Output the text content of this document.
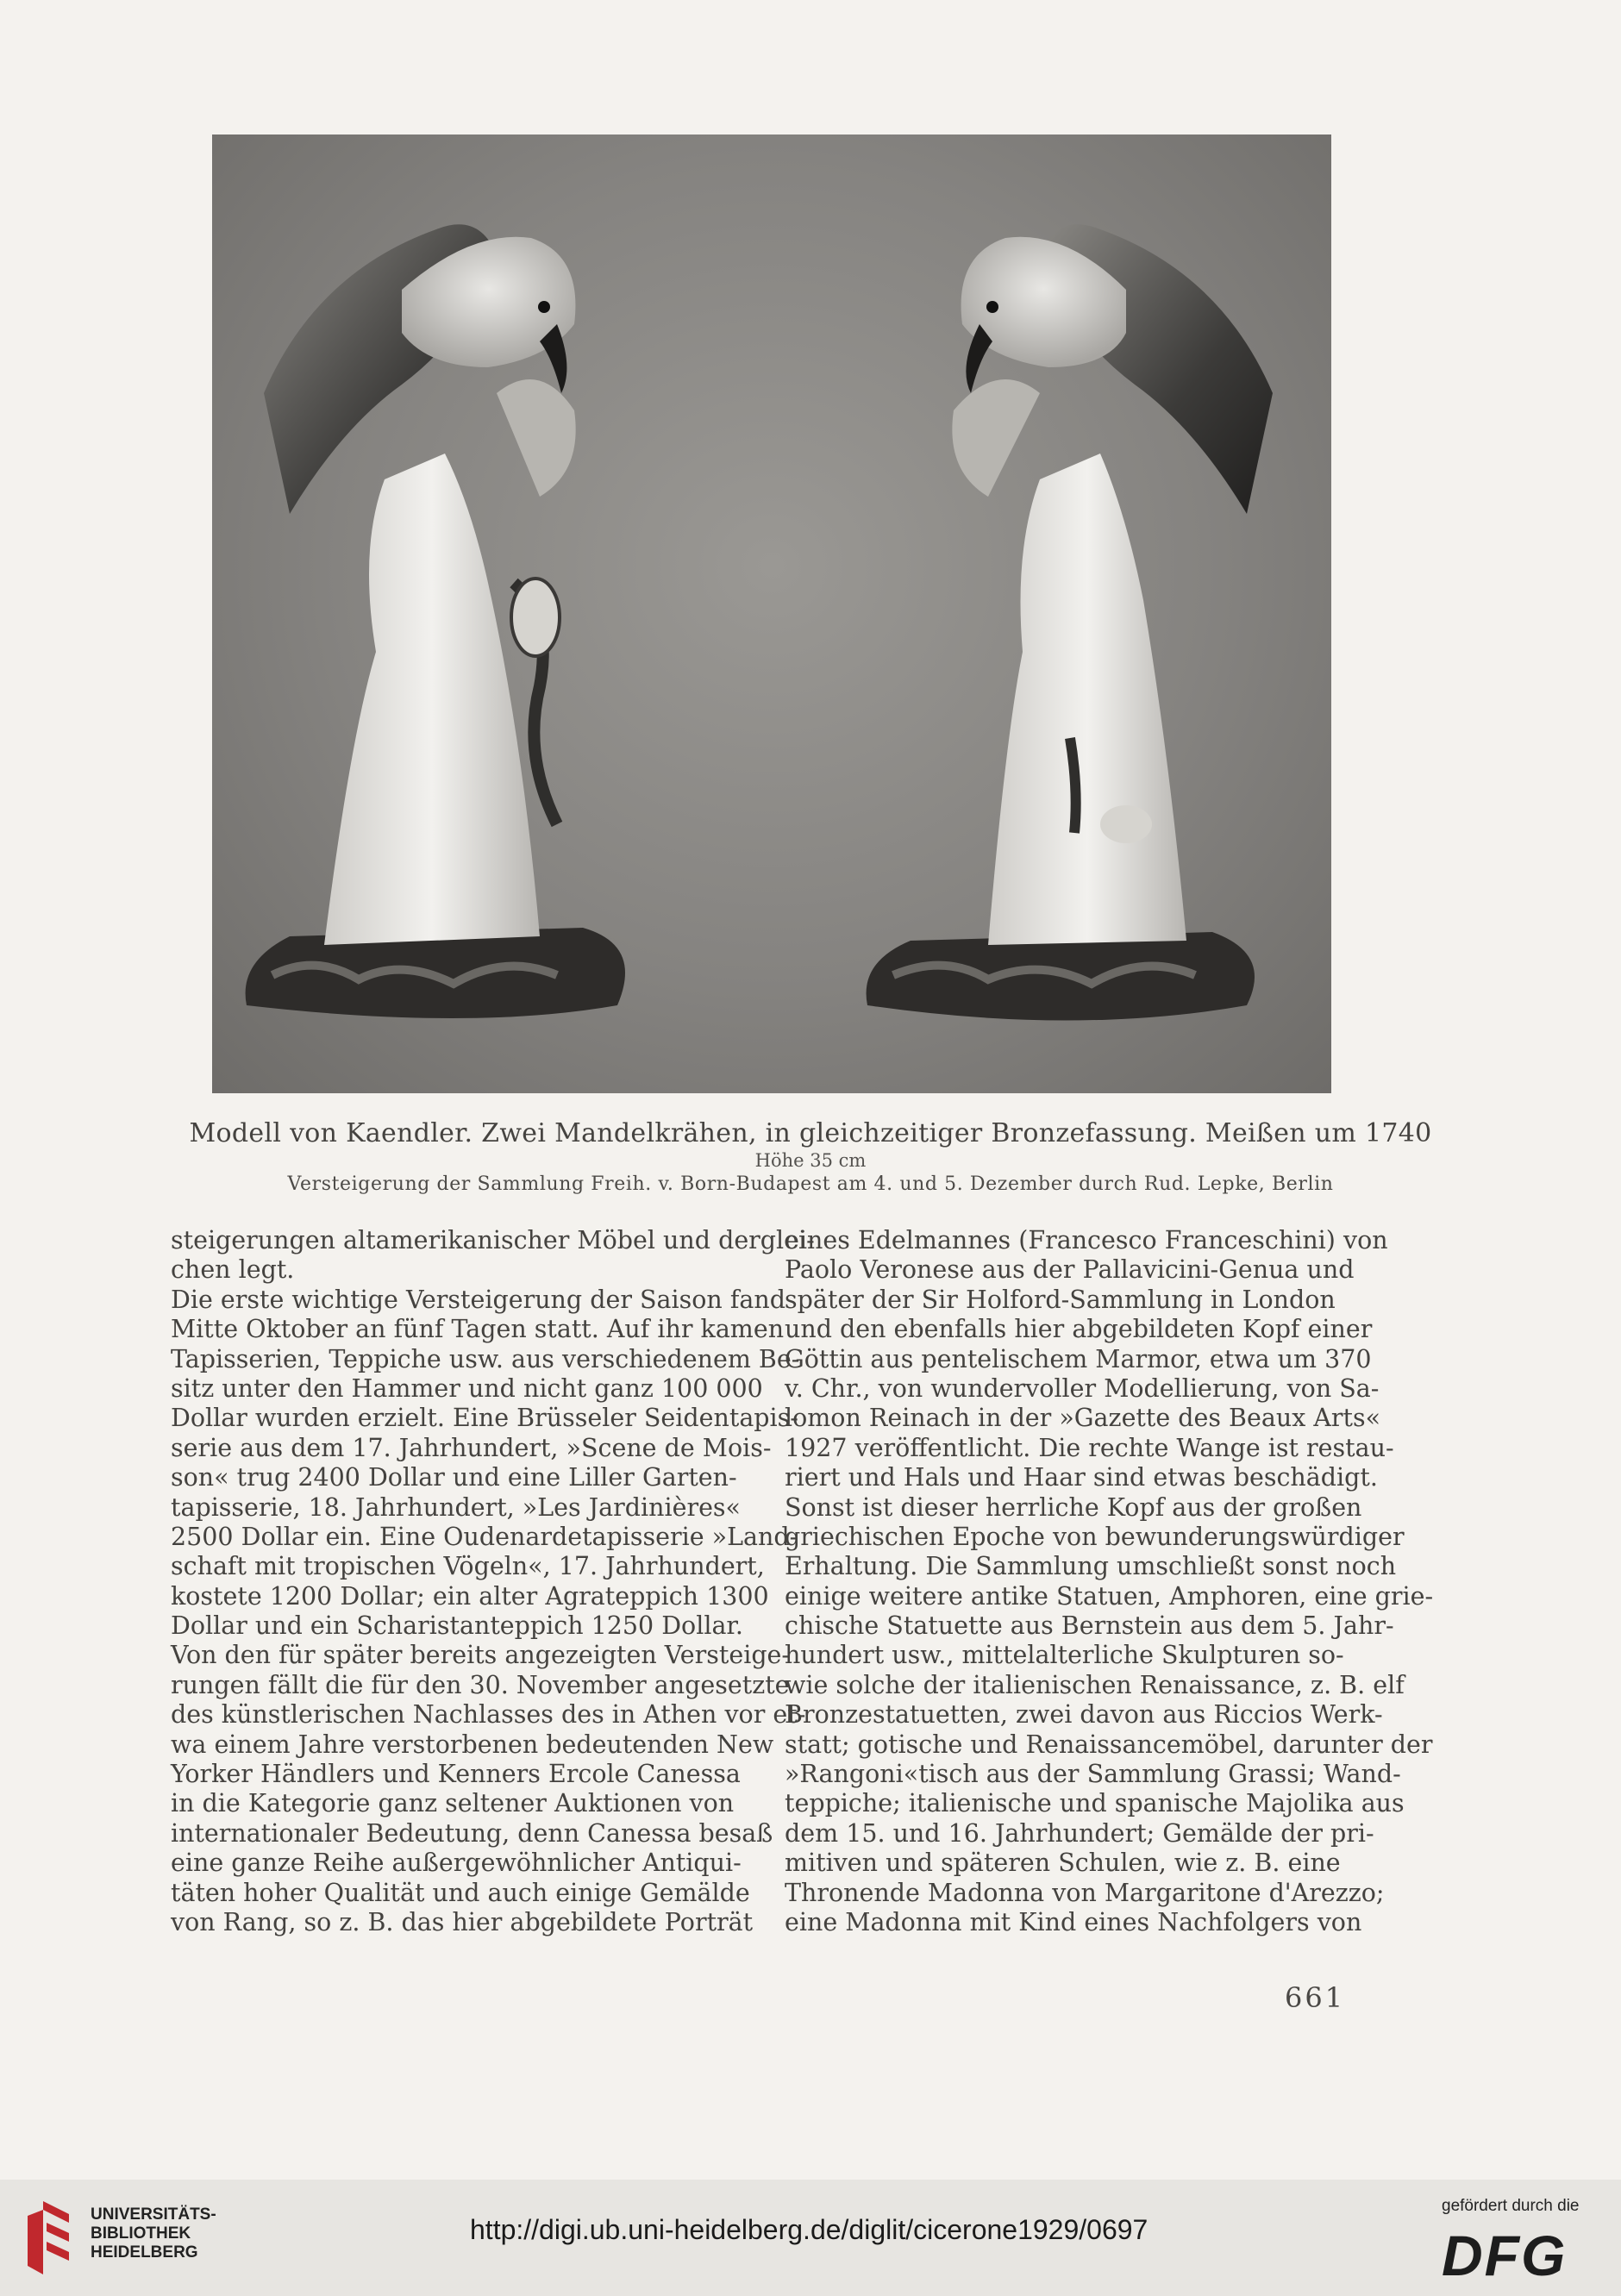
Modell von Kaendler. Zwei Mandelkrähen, in gleichzeitiger Bronzefassung. Meißen um 1740
Höhe 35 cm
Versteigerung der Sammlung Freih. v. Born-Budapest am 4. und 5. Dezember durch Rud. Lepke, Berlin
steigerungen altamerikanischer Möbel und derglei-
chen legt.
Die erste wichtige Versteigerung der Saison fand
Mitte Oktober an fünf Tagen statt. Auf ihr kamen
Tapisserien, Teppiche usw. aus verschiedenem Be-
sitz unter den Hammer und nicht ganz 100 000
Dollar wurden erzielt. Eine Brüsseler Seidentapis-
serie aus dem 17. Jahrhundert, »Scene de Mois-
son« trug 2400 Dollar und eine Liller Garten-
tapisserie, 18. Jahrhundert, »Les Jardinières«
2500 Dollar ein. Eine Oudenardetapisserie »Land-
schaft mit tropischen Vögeln«, 17. Jahrhundert,
kostete 1200 Dollar; ein alter Agrateppich 1300
Dollar und ein Scharistanteppich 1250 Dollar.
Von den für später bereits angezeigten Versteige-
rungen fällt die für den 30. November angesetzte
des künstlerischen Nachlasses des in Athen vor et-
wa einem Jahre verstorbenen bedeutenden New
Yorker Händlers und Kenners Ercole Canessa
in die Kategorie ganz seltener Auktionen von
internationaler Bedeutung, denn Canessa besaß
eine ganze Reihe außergewöhnlicher Antiqui-
täten hoher Qualität und auch einige Gemälde
von Rang, so z. B. das hier abgebildete Porträt
eines Edelmannes (Francesco Franceschini) von
Paolo Veronese aus der Pallavicini-Genua und
später der Sir Holford-Sammlung in London
und den ebenfalls hier abgebildeten Kopf einer
Göttin aus pentelischem Marmor, etwa um 370
v. Chr., von wundervoller Modellierung, von Sa-
lomon Reinach in der »Gazette des Beaux Arts«
1927 veröffentlicht. Die rechte Wange ist restau-
riert und Hals und Haar sind etwas beschädigt.
Sonst ist dieser herrliche Kopf aus der großen
griechischen Epoche von bewunderungswürdiger
Erhaltung. Die Sammlung umschließt sonst noch
einige weitere antike Statuen, Amphoren, eine grie-
chische Statuette aus Bernstein aus dem 5. Jahr-
hundert usw., mittelalterliche Skulpturen so-
wie solche der italienischen Renaissance, z. B. elf
Bronzestatuetten, zwei davon aus Riccios Werk-
statt; gotische und Renaissancemöbel, darunter der
»Rangoni«tisch aus der Sammlung Grassi; Wand-
teppiche; italienische und spanische Majolika aus
dem 15. und 16. Jahrhundert; Gemälde der pri-
mitiven und späteren Schulen, wie z. B. eine
Thronende Madonna von Margaritone d'Arezzo;
eine Madonna mit Kind eines Nachfolgers von
661
UNIVERSITÄTS-
BIBLIOTHEK
HEIDELBERG
http://digi.ub.uni-heidelberg.de/diglit/cicerone1929/0697
gefördert durch die
DFG
